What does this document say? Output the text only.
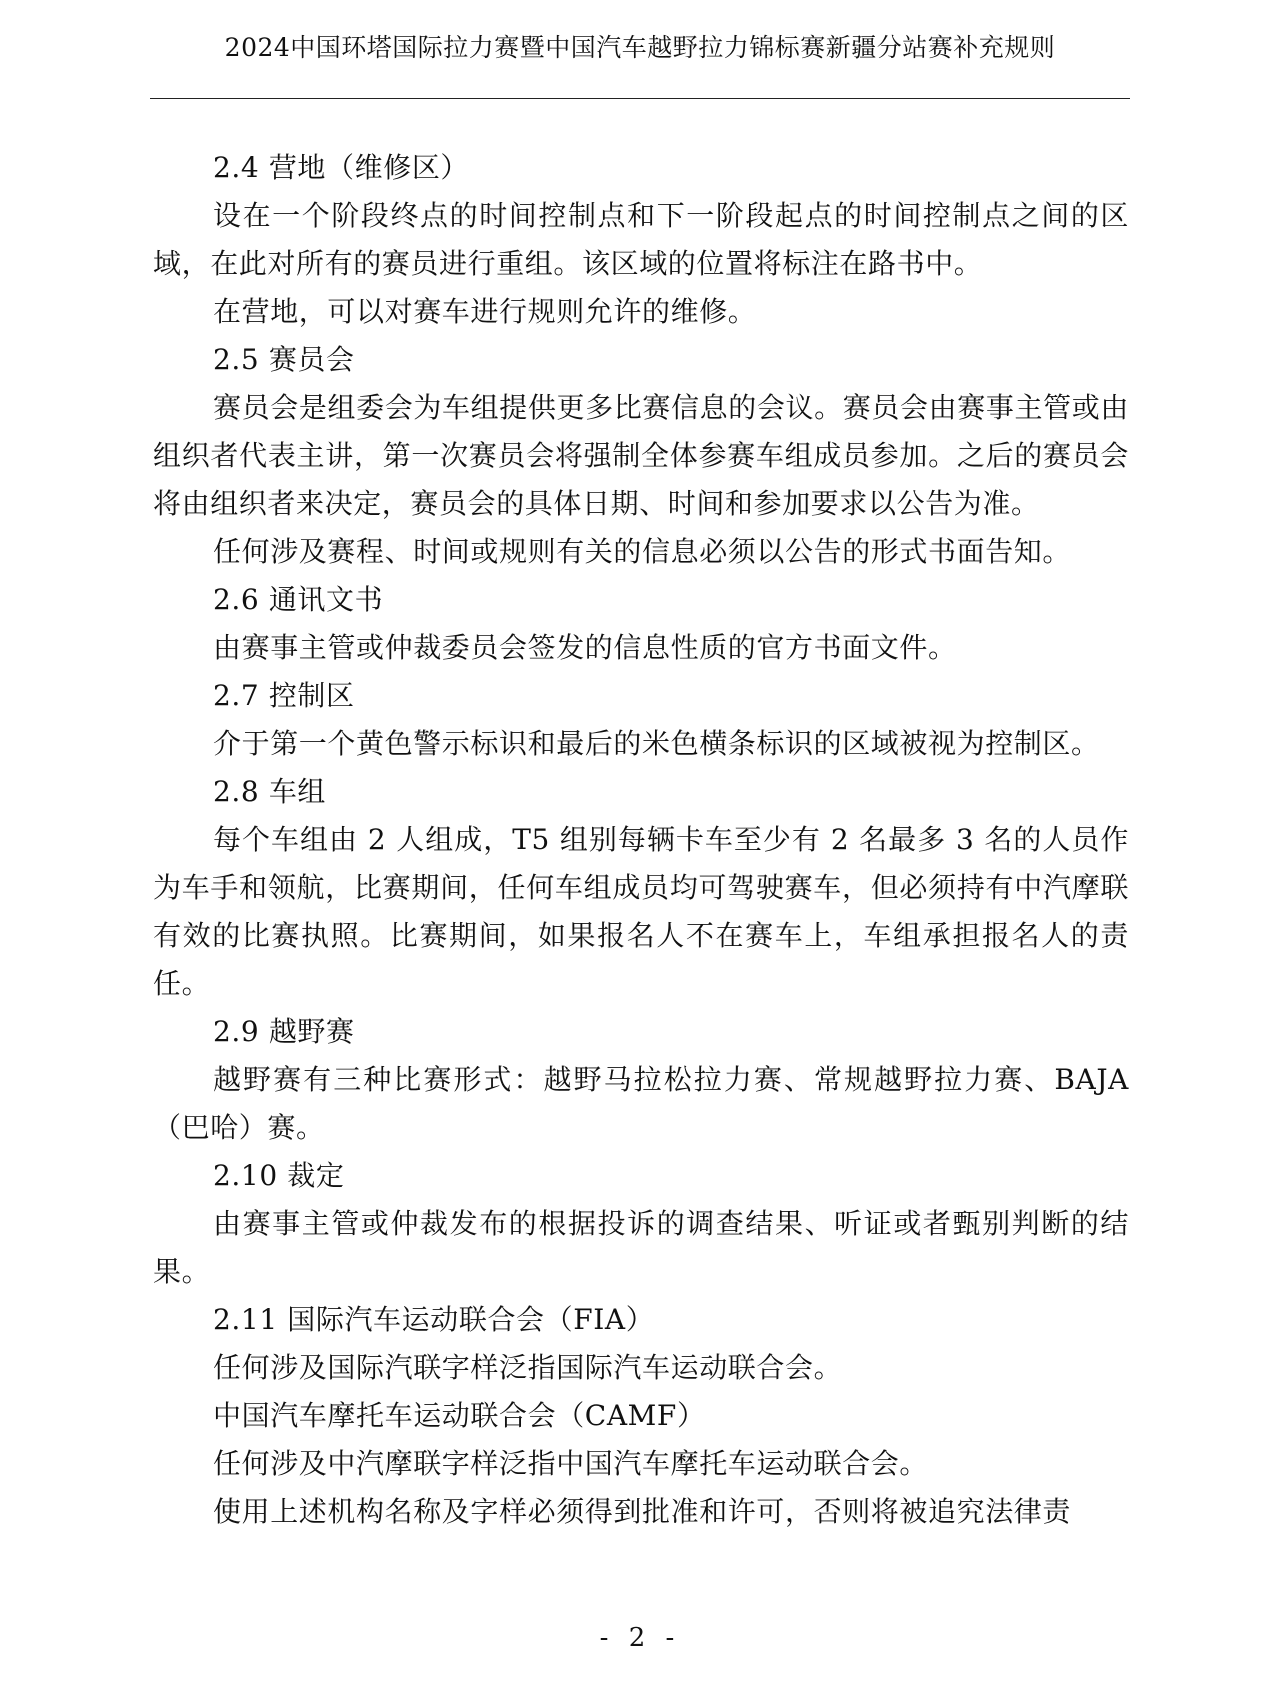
2024中国环塔国际拉力赛暨中国汽车越野拉力锦标赛新疆分站赛补充规则

2.4 营地（维修区）

设在一个阶段终点的时间控制点和下一阶段起点的时间控制点之间的区域，在此对所有的赛员进行重组。该区域的位置将标注在路书中。

在营地，可以对赛车进行规则允许的维修。

2.5 赛员会

赛员会是组委会为车组提供更多比赛信息的会议。赛员会由赛事主管或由组织者代表主讲，第一次赛员会将强制全体参赛车组成员参加。之后的赛员会将由组织者来决定，赛员会的具体日期、时间和参加要求以公告为准。

任何涉及赛程、时间或规则有关的信息必须以公告的形式书面告知。

2.6 通讯文书

由赛事主管或仲裁委员会签发的信息性质的官方书面文件。

2.7 控制区

介于第一个黄色警示标识和最后的米色横条标识的区域被视为控制区。

2.8 车组

每个车组由 2 人组成，T5 组别每辆卡车至少有 2 名最多 3 名的人员作为车手和领航，比赛期间，任何车组成员均可驾驶赛车，但必须持有中汽摩联有效的比赛执照。比赛期间，如果报名人不在赛车上，车组承担报名人的责任。

2.9 越野赛

越野赛有三种比赛形式：越野马拉松拉力赛、常规越野拉力赛、BAJA（巴哈）赛。

2.10 裁定

由赛事主管或仲裁发布的根据投诉的调查结果、听证或者甄别判断的结果。

2.11 国际汽车运动联合会（FIA）

任何涉及国际汽联字样泛指国际汽车运动联合会。

中国汽车摩托车运动联合会（CAMF）

任何涉及中汽摩联字样泛指中国汽车摩托车运动联合会。

使用上述机构名称及字样必须得到批准和许可，否则将被追究法律责

- 2 -
